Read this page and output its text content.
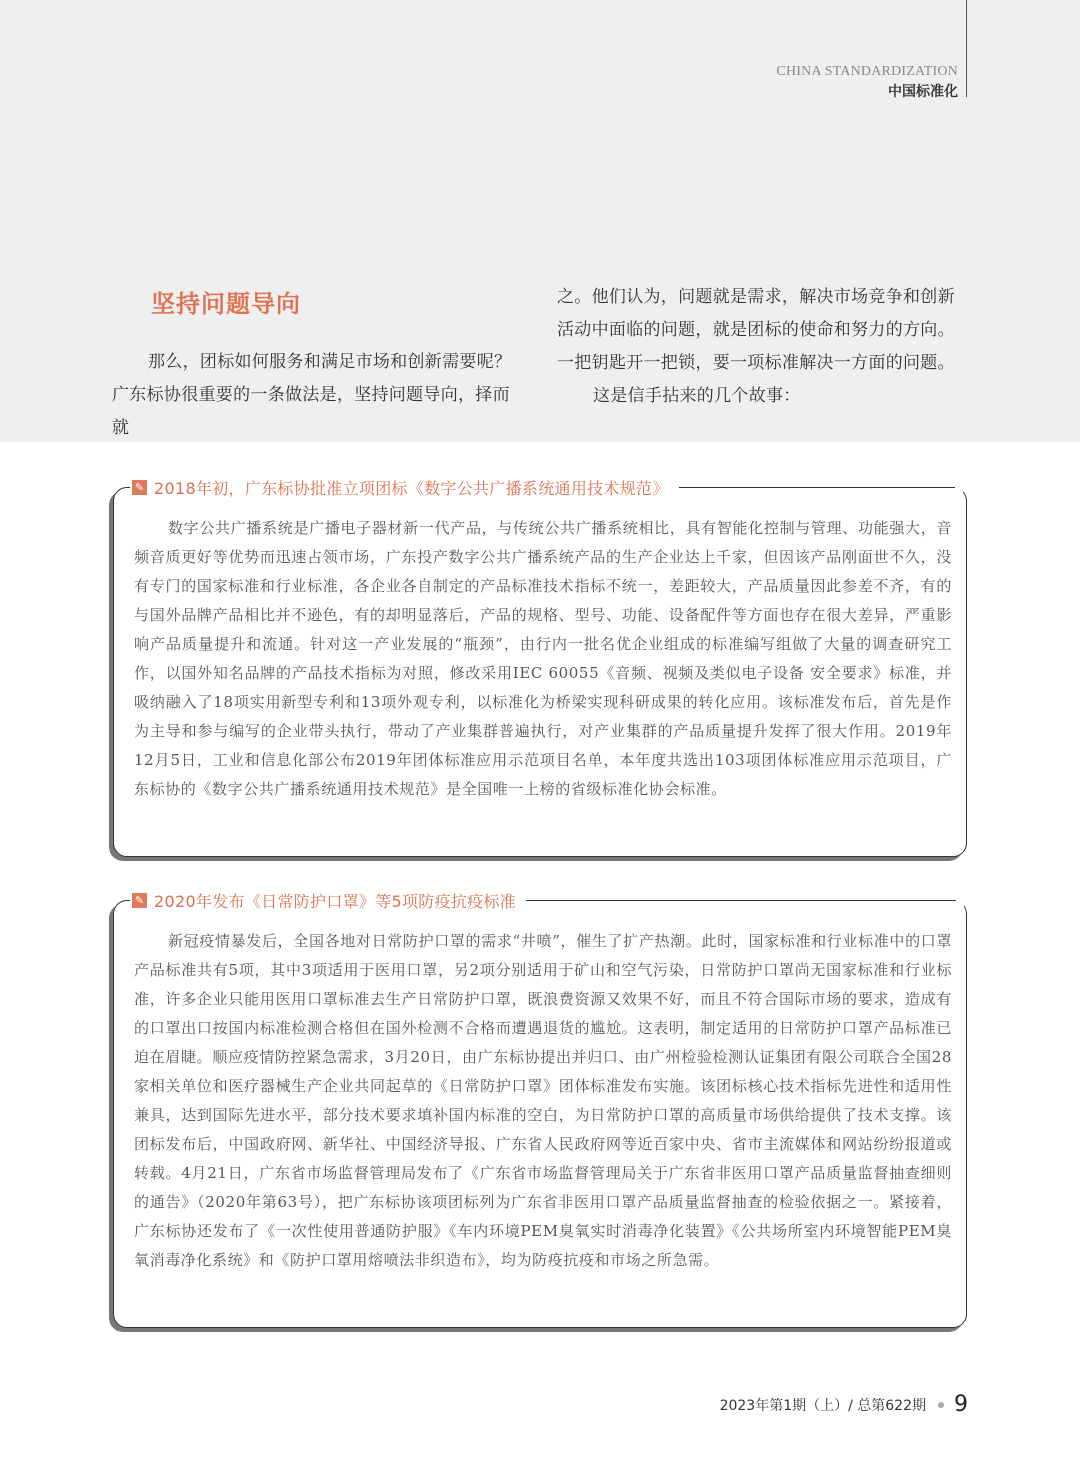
CHINA STANDARDIZATION
中国标准化
坚持问题导向

那么，团标如何服务和满足市场和创新需要呢？广东标协很重要的一条做法是，坚持问题导向，择而就

之。他们认为，问题就是需求，解决市场竞争和创新活动中面临的问题，就是团标的使命和努力的方向。一把钥匙开一把锁，要一项标准解决一方面的问题。

这是信手拈来的几个故事：

✎ 2018年初，广东标协批准立项团标《数字公共广播系统通用技术规范》

数字公共广播系统是广播电子器材新一代产品，与传统公共广播系统相比，具有智能化控制与管理、功能强大，音频音质更好等优势而迅速占领市场，广东投产数字公共广播系统产品的生产企业达上千家，但因该产品刚面世不久，没有专门的国家标准和行业标准，各企业各自制定的产品标准技术指标不统一，差距较大，产品质量因此参差不齐，有的与国外品牌产品相比并不逊色，有的却明显落后，产品的规格、型号、功能、设备配件等方面也存在很大差异，严重影响产品质量提升和流通。针对这一产业发展的“瓶颈”，由行内一批名优企业组成的标准编写组做了大量的调查研究工作，以国外知名品牌的产品技术指标为对照，修改采用IEC 60055《音频、视频及类似电子设备 安全要求》标准，并吸纳融入了18项实用新型专利和13项外观专利，以标准化为桥梁实现科研成果的转化应用。该标准发布后，首先是作为主导和参与编写的企业带头执行，带动了产业集群普遍执行，对产业集群的产品质量提升发挥了很大作用。2019年12月5日，工业和信息化部公布2019年团体标准应用示范项目名单，本年度共选出103项团体标准应用示范项目，广东标协的《数字公共广播系统通用技术规范》是全国唯一上榜的省级标准化协会标准。

✎ 2020年发布《日常防护口罩》等5项防疫抗疫标准

新冠疫情暴发后，全国各地对日常防护口罩的需求“井喷”，催生了扩产热潮。此时，国家标准和行业标准中的口罩产品标准共有5项，其中3项适用于医用口罩，另2项分别适用于矿山和空气污染，日常防护口罩尚无国家标准和行业标准，许多企业只能用医用口罩标准去生产日常防护口罩，既浪费资源又效果不好，而且不符合国际市场的要求，造成有的口罩出口按国内标准检测合格但在国外检测不合格而遭遇退货的尴尬。这表明，制定适用的日常防护口罩产品标准已迫在眉睫。顺应疫情防控紧急需求，3月20日，由广东标协提出并归口、由广州检验检测认证集团有限公司联合全国28家相关单位和医疗器械生产企业共同起草的《日常防护口罩》团体标准发布实施。该团标核心技术指标先进性和适用性兼具，达到国际先进水平，部分技术要求填补国内标准的空白，为日常防护口罩的高质量市场供给提供了技术支撑。该团标发布后，中国政府网、新华社、中国经济导报、广东省人民政府网等近百家中央、省市主流媒体和网站纷纷报道或转载。4月21日，广东省市场监督管理局发布了《广东省市场监督管理局关于广东省非医用口罩产品质量监督抽查细则的通告》（2020年第63号），把广东标协该项团标列为广东省非医用口罩产品质量监督抽查的检验依据之一。紧接着，广东标协还发布了《一次性使用普通防护服》《车内环境PEM臭氧实时消毒净化装置》《公共场所室内环境智能PEM臭氧消毒净化系统》和《防护口罩用熔喷法非织造布》，均为防疫抗疫和市场之所急需。

2023年第1期（上）/ 总第622期 9
